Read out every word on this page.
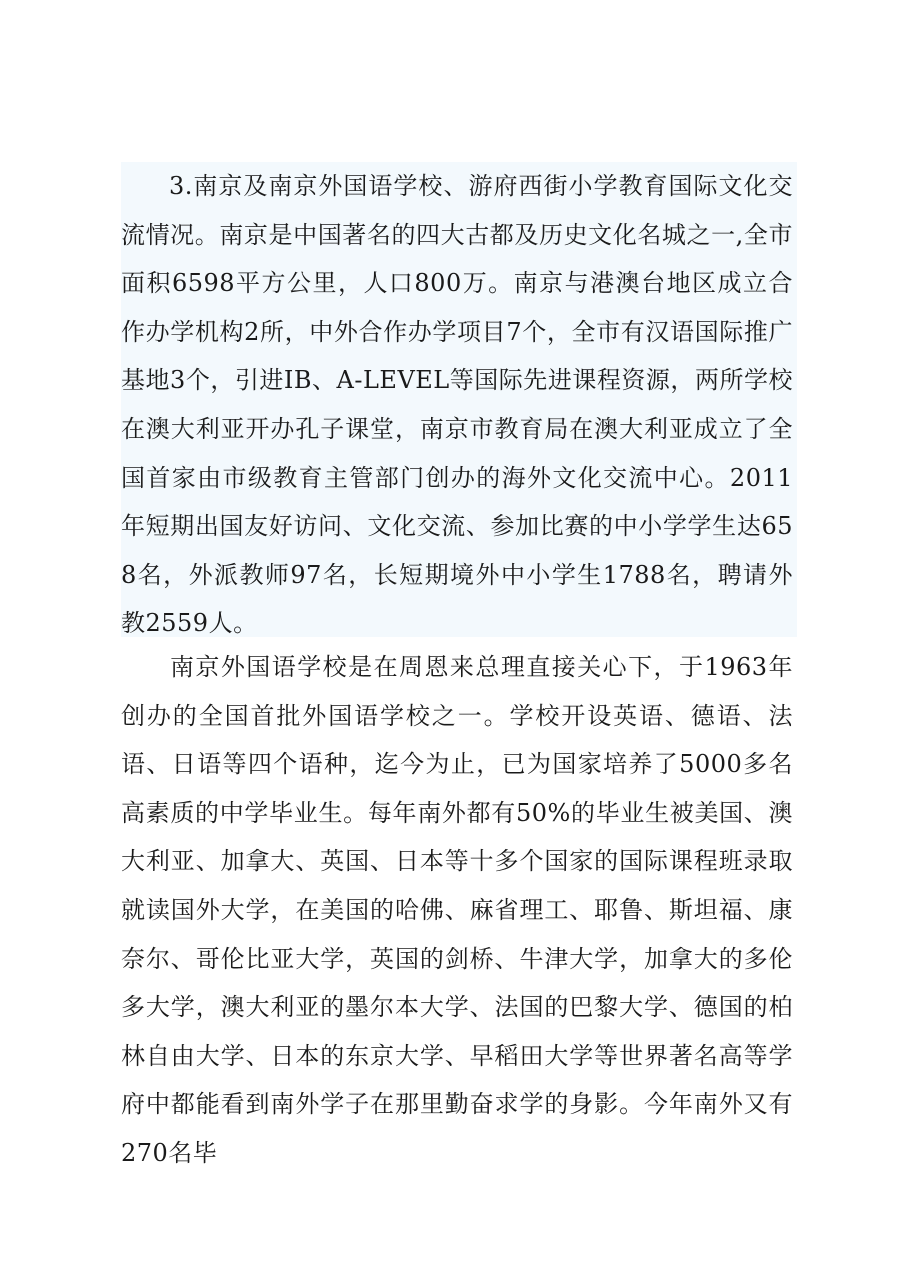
3.南京及南京外国语学校、游府西街小学教育国际文化交流情况。南京是中国著名的四大古都及历史文化名城之一,全市面积6598平方公里，人口800万。南京与港澳台地区成立合作办学机构2所，中外合作办学项目7个，全市有汉语国际推广基地3个，引进IB、A-LEVEL等国际先进课程资源，两所学校在澳大利亚开办孔子课堂，南京市教育局在澳大利亚成立了全国首家由市级教育主管部门创办的海外文化交流中心。2011年短期出国友好访问、文化交流、参加比赛的中小学学生达658名，外派教师97名，长短期境外中小学生1788名，聘请外教2559人。

南京外国语学校是在周恩来总理直接关心下，于1963年创办的全国首批外国语学校之一。学校开设英语、德语、法语、日语等四个语种，迄今为止，已为国家培养了5000多名高素质的中学毕业生。每年南外都有50%的毕业生被美国、澳大利亚、加拿大、英国、日本等十多个国家的国际课程班录取就读国外大学，在美国的哈佛、麻省理工、耶鲁、斯坦福、康奈尔、哥伦比亚大学，英国的剑桥、牛津大学，加拿大的多伦多大学，澳大利亚的墨尔本大学、法国的巴黎大学、德国的柏林自由大学、日本的东京大学、早稻田大学等世界著名高等学府中都能看到南外学子在那里勤奋求学的身影。今年南外又有270名毕
